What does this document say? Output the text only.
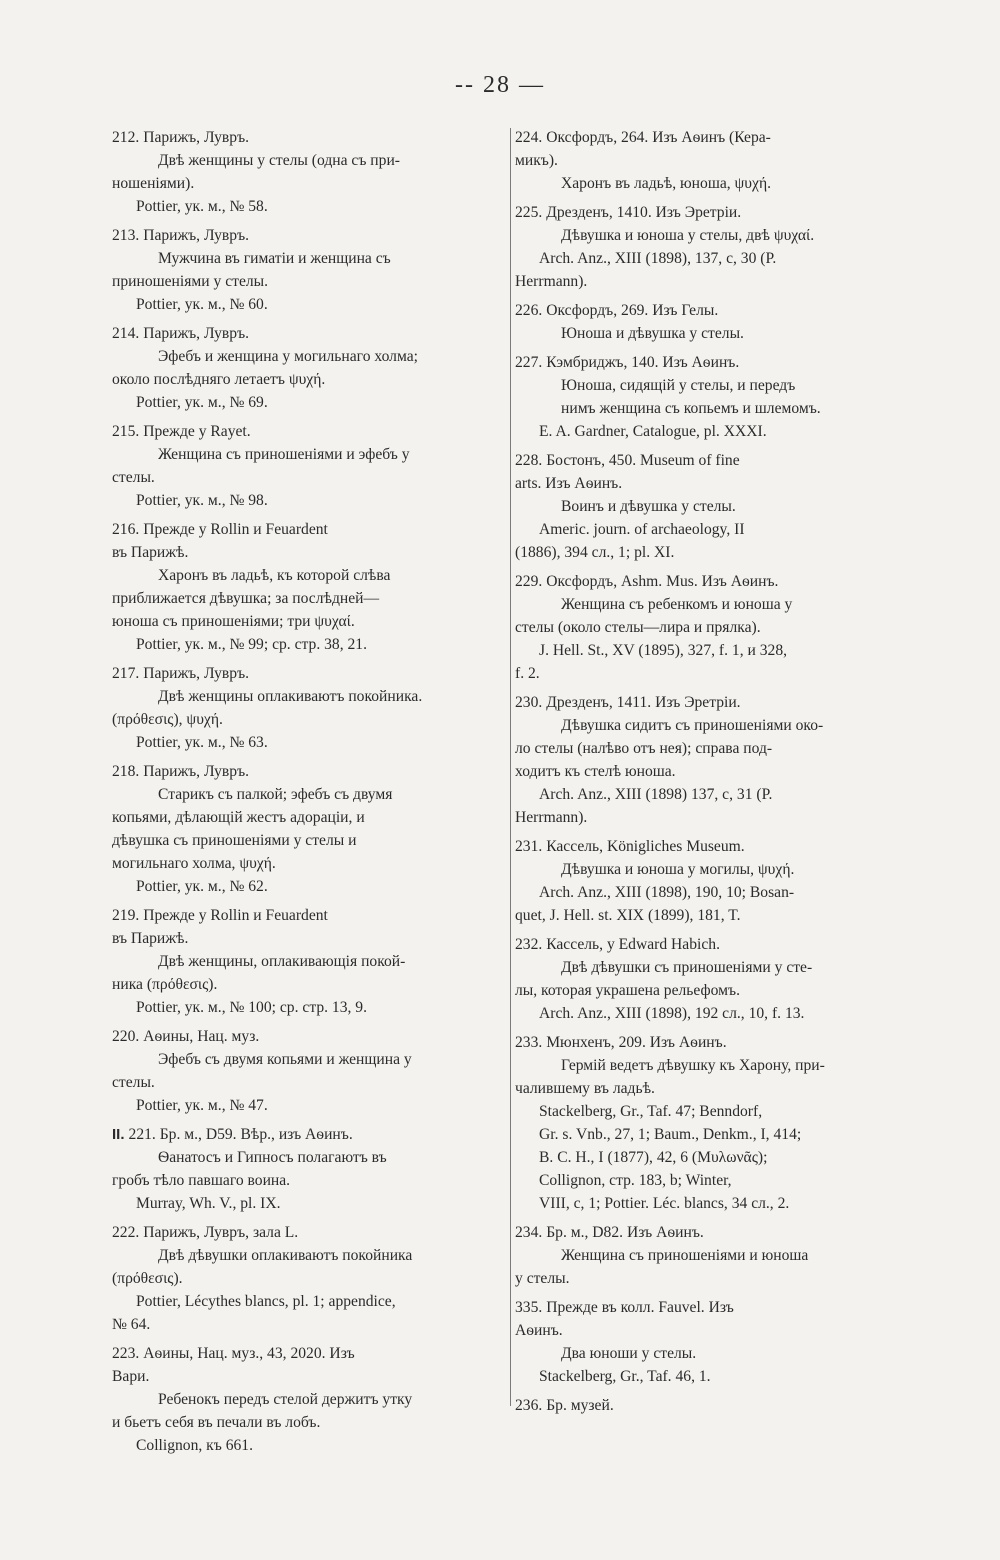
-- 28 —
212. Парижъ, Лувръ.
Двѣ женщины у стелы (одна съ при-
ношеніями).
Pottier, ук. м., № 58.
213. Парижъ, Лувръ.
Мужчина въ гиматіи и женщина съ
приношеніями у стелы.
Pottier, ук. м., № 60.
214. Парижъ, Лувръ.
Эфебъ и женщина у могильнаго холма;
около послѣдняго летаетъ ψυχή.
Pottier, ук. м., № 69.
215. Прежде у Rayet.
Женщина съ приношеніями и эфебъ у
стелы.
Pottier, ук. м., № 98.
216. Прежде у Rollin и Feuardent
въ Парижѣ.
Харонъ въ ладьѣ, къ которой слѣва
приближается дѣвушка; за послѣдней—
юноша съ приношеніями; три ψυχαί.
Pottier, ук. м., № 99; ср. стр. 38, 21.
217. Парижъ, Лувръ.
Двѣ женщины оплакиваютъ покойника.
(πρόθεσις), ψυχή.
Pottier, ук. м., № 63.
218. Парижъ, Лувръ.
Старикъ съ палкой; эфебъ съ двумя
копьями, дѣлающій жестъ адораціи, и
дѣвушка съ приношеніями у стелы и
могильнаго холма, ψυχή.
Pottier, ук. м., № 62.
219. Прежде у Rollin и Feuardent
въ Парижѣ.
Двѣ женщины, оплакивающія покой-
ника (πρόθεσις).
Pottier, ук. м., № 100; ср. стр. 13, 9.
220. Аѳины, Нац. муз.
Эфебъ съ двумя копьями и женщина у
стелы.
Pottier, ук. м., № 47.
II. 221. Бр. м., D59. Вѣр., изъ Аѳинъ.
Ѳанатосъ и Гипносъ полагаютъ въ
гробъ тѣло павшаго воина.
Murray, Wh. V., pl. IX.
222. Парижъ, Лувръ, зала L.
Двѣ дѣвушки оплакиваютъ покойника
(πρόθεσις).
Pottier, Lécythes blancs, pl. 1; appendice,
№ 64.
223. Аѳины, Нац. муз., 43, 2020. Изъ
Вари.
Ребенокъ передъ стелой держитъ утку
и бьетъ себя въ печали въ лобъ.
Collignon, къ 661.
224. Оксфордъ, 264. Изъ Аѳинъ (Кера-
микъ).
Харонъ въ ладьѣ, юноша, ψυχή.
225. Дрезденъ, 1410. Изъ Эретріи.
Дѣвушка и юноша у стелы, двѣ ψυχαί.
Arch. Anz., XIII (1898), 137, c, 30 (P.
Herrmann).
226. Оксфордъ, 269. Изъ Гелы.
Юноша и дѣвушка у стелы.
227. Кэмбриджъ, 140. Изъ Аѳинъ.
Юноша, сидящій у стелы, и передъ
нимъ женщина съ копьемъ и шлемомъ.
E. A. Gardner, Catalogue, pl. XXXI.
228. Бостонъ, 450. Museum of fine
arts. Изъ Аѳинъ.
Воинъ и дѣвушка у стелы.
Americ. journ. of archaeology, II
(1886), 394 сл., 1; pl. XI.
229. Оксфордъ, Ashm. Mus. Изъ Аѳинъ.
Женщина съ ребенкомъ и юноша у
стелы (около стелы—лира и прялка).
J. Hell. St., XV (1895), 327, f. 1, и 328,
f. 2.
230. Дрезденъ, 1411. Изъ Эретріи.
Дѣвушка сидитъ съ приношеніями око-
ло стелы (налѣво отъ нея); справа под-
ходитъ къ стелѣ юноша.
Arch. Anz., XIII (1898) 137, c, 31 (P.
Herrmann).
231. Кассель, Königliches Museum.
Дѣвушка и юноша у могилы, ψυχή.
Arch. Anz., XIII (1898), 190, 10; Bosan-
quet, J. Hell. st. XIX (1899), 181, T.
232. Кассель, у Edward Habich.
Двѣ дѣвушки съ приношеніями у сте-
лы, которая украшена рельефомъ.
Arch. Anz., XIII (1898), 192 сл., 10, f. 13.
233. Мюнхенъ, 209. Изъ Аѳинъ.
Гермій ведетъ дѣвушку къ Харону, при-
чалившему въ ладьѣ.
Stackelberg, Gr., Taf. 47; Benndorf,
Gr. s. Vnb., 27, 1; Baum., Denkm., I, 414;
B. C. H., I (1877), 42, 6 (Μυλωνᾶς);
Collignon, стр. 183, b; Winter,
VIII, c, 1; Pottier. Léc. blancs, 34 сл., 2.
234. Бр. м., D82. Изъ Аѳинъ.
Женщина съ приношеніями и юноша
у стелы.
335. Прежде въ колл. Fauvel. Изъ
Аѳинъ.
Два юноши у стелы.
Stackelberg, Gr., Taf. 46, 1.
236. Бр. музей.
